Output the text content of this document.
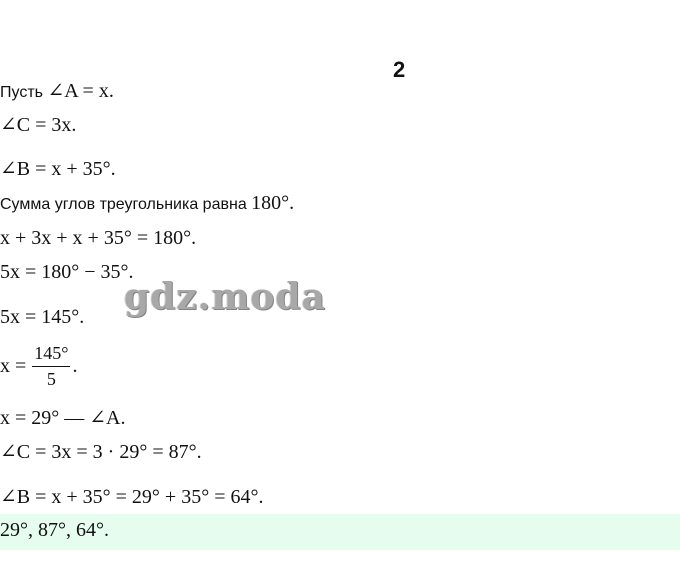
2
Пусть ∠A = x.
∠C = 3x.
∠B = x + 35°.
Сумма углов треугольника равна 180°.
x + 3x + x + 35° = 180°.
5x = 180° − 35°.
5x = 145°.
$x = \frac{145^\circ}{5}$ .
x = 29° — ∠A.
∠C = 3x = 3 · 29° = 87°.
∠B = x + 35° = 29° + 35° = 64°.
29°, 87°, 64°.
gdz.moda
